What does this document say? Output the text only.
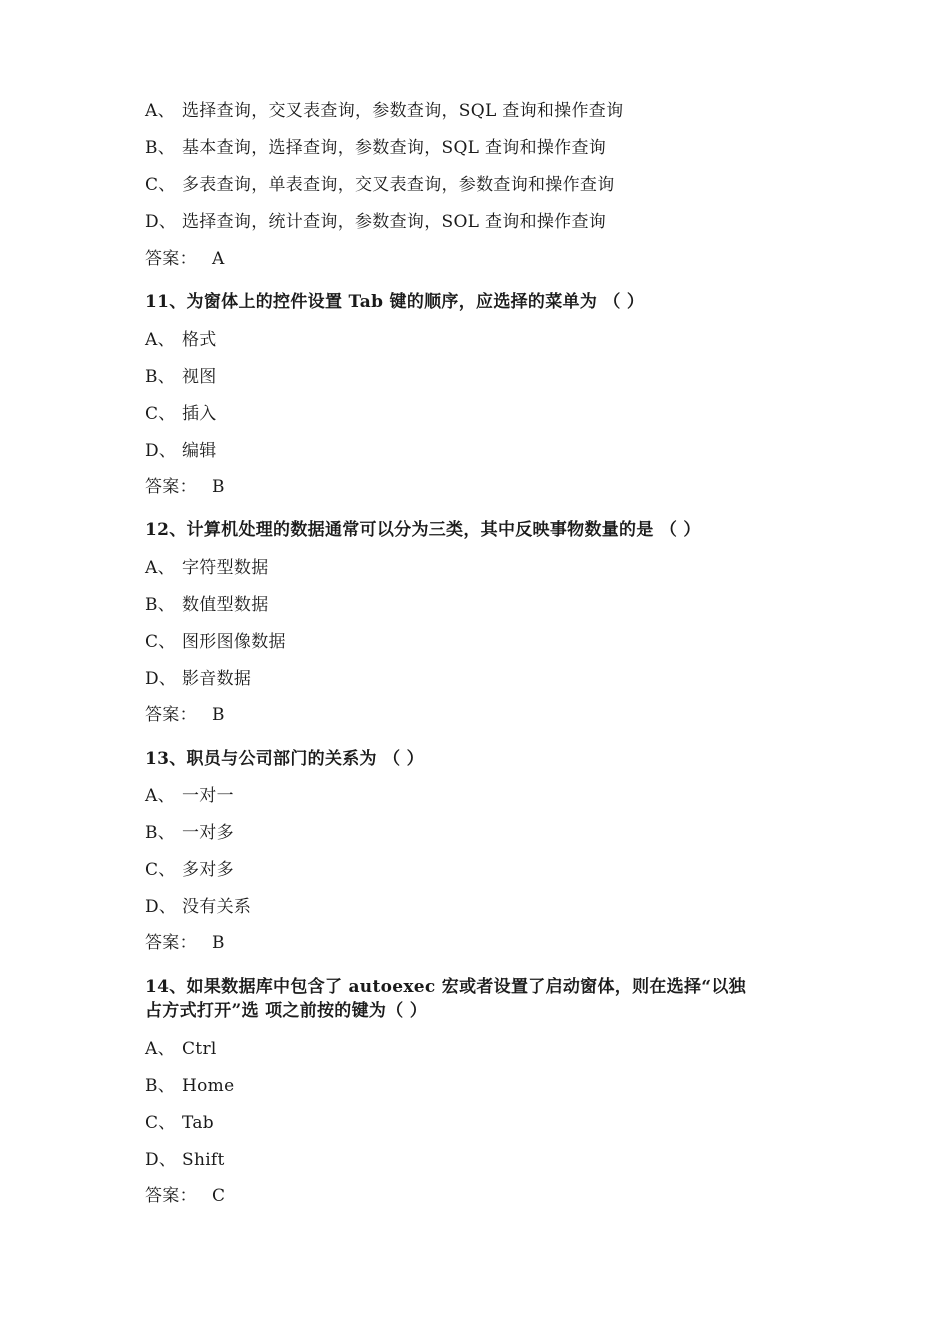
A、 选择查询，交叉表查询，参数查询，SQL 查询和操作查询
B、 基本查询，选择查询，参数查询，SQL 查询和操作查询
C、 多表查询，单表查询，交叉表查询，参数查询和操作查询
D、 选择查询，统计查询，参数查询，SOL 查询和操作查询
答案： A
11、为窗体上的控件设置 Tab 键的顺序，应选择的菜单为 （ ）
A、 格式
B、 视图
C、 插入
D、 编辑
答案： B
12、计算机处理的数据通常可以分为三类，其中反映事物数量的是 （ ）
A、 字符型数据
B、 数值型数据
C、 图形图像数据
D、 影音数据
答案： B
13、职员与公司部门的关系为 （ ）
A、 一对一
B、 一对多
C、 多对多
D、 没有关系
答案： B
14、如果数据库中包含了 autoexec 宏或者设置了启动窗体，则在选择“以独
占方式打开”选 项之前按的键为（ ）
A、 Ctrl
B、 Home
C、 Tab
D、 Shift
答案： C
